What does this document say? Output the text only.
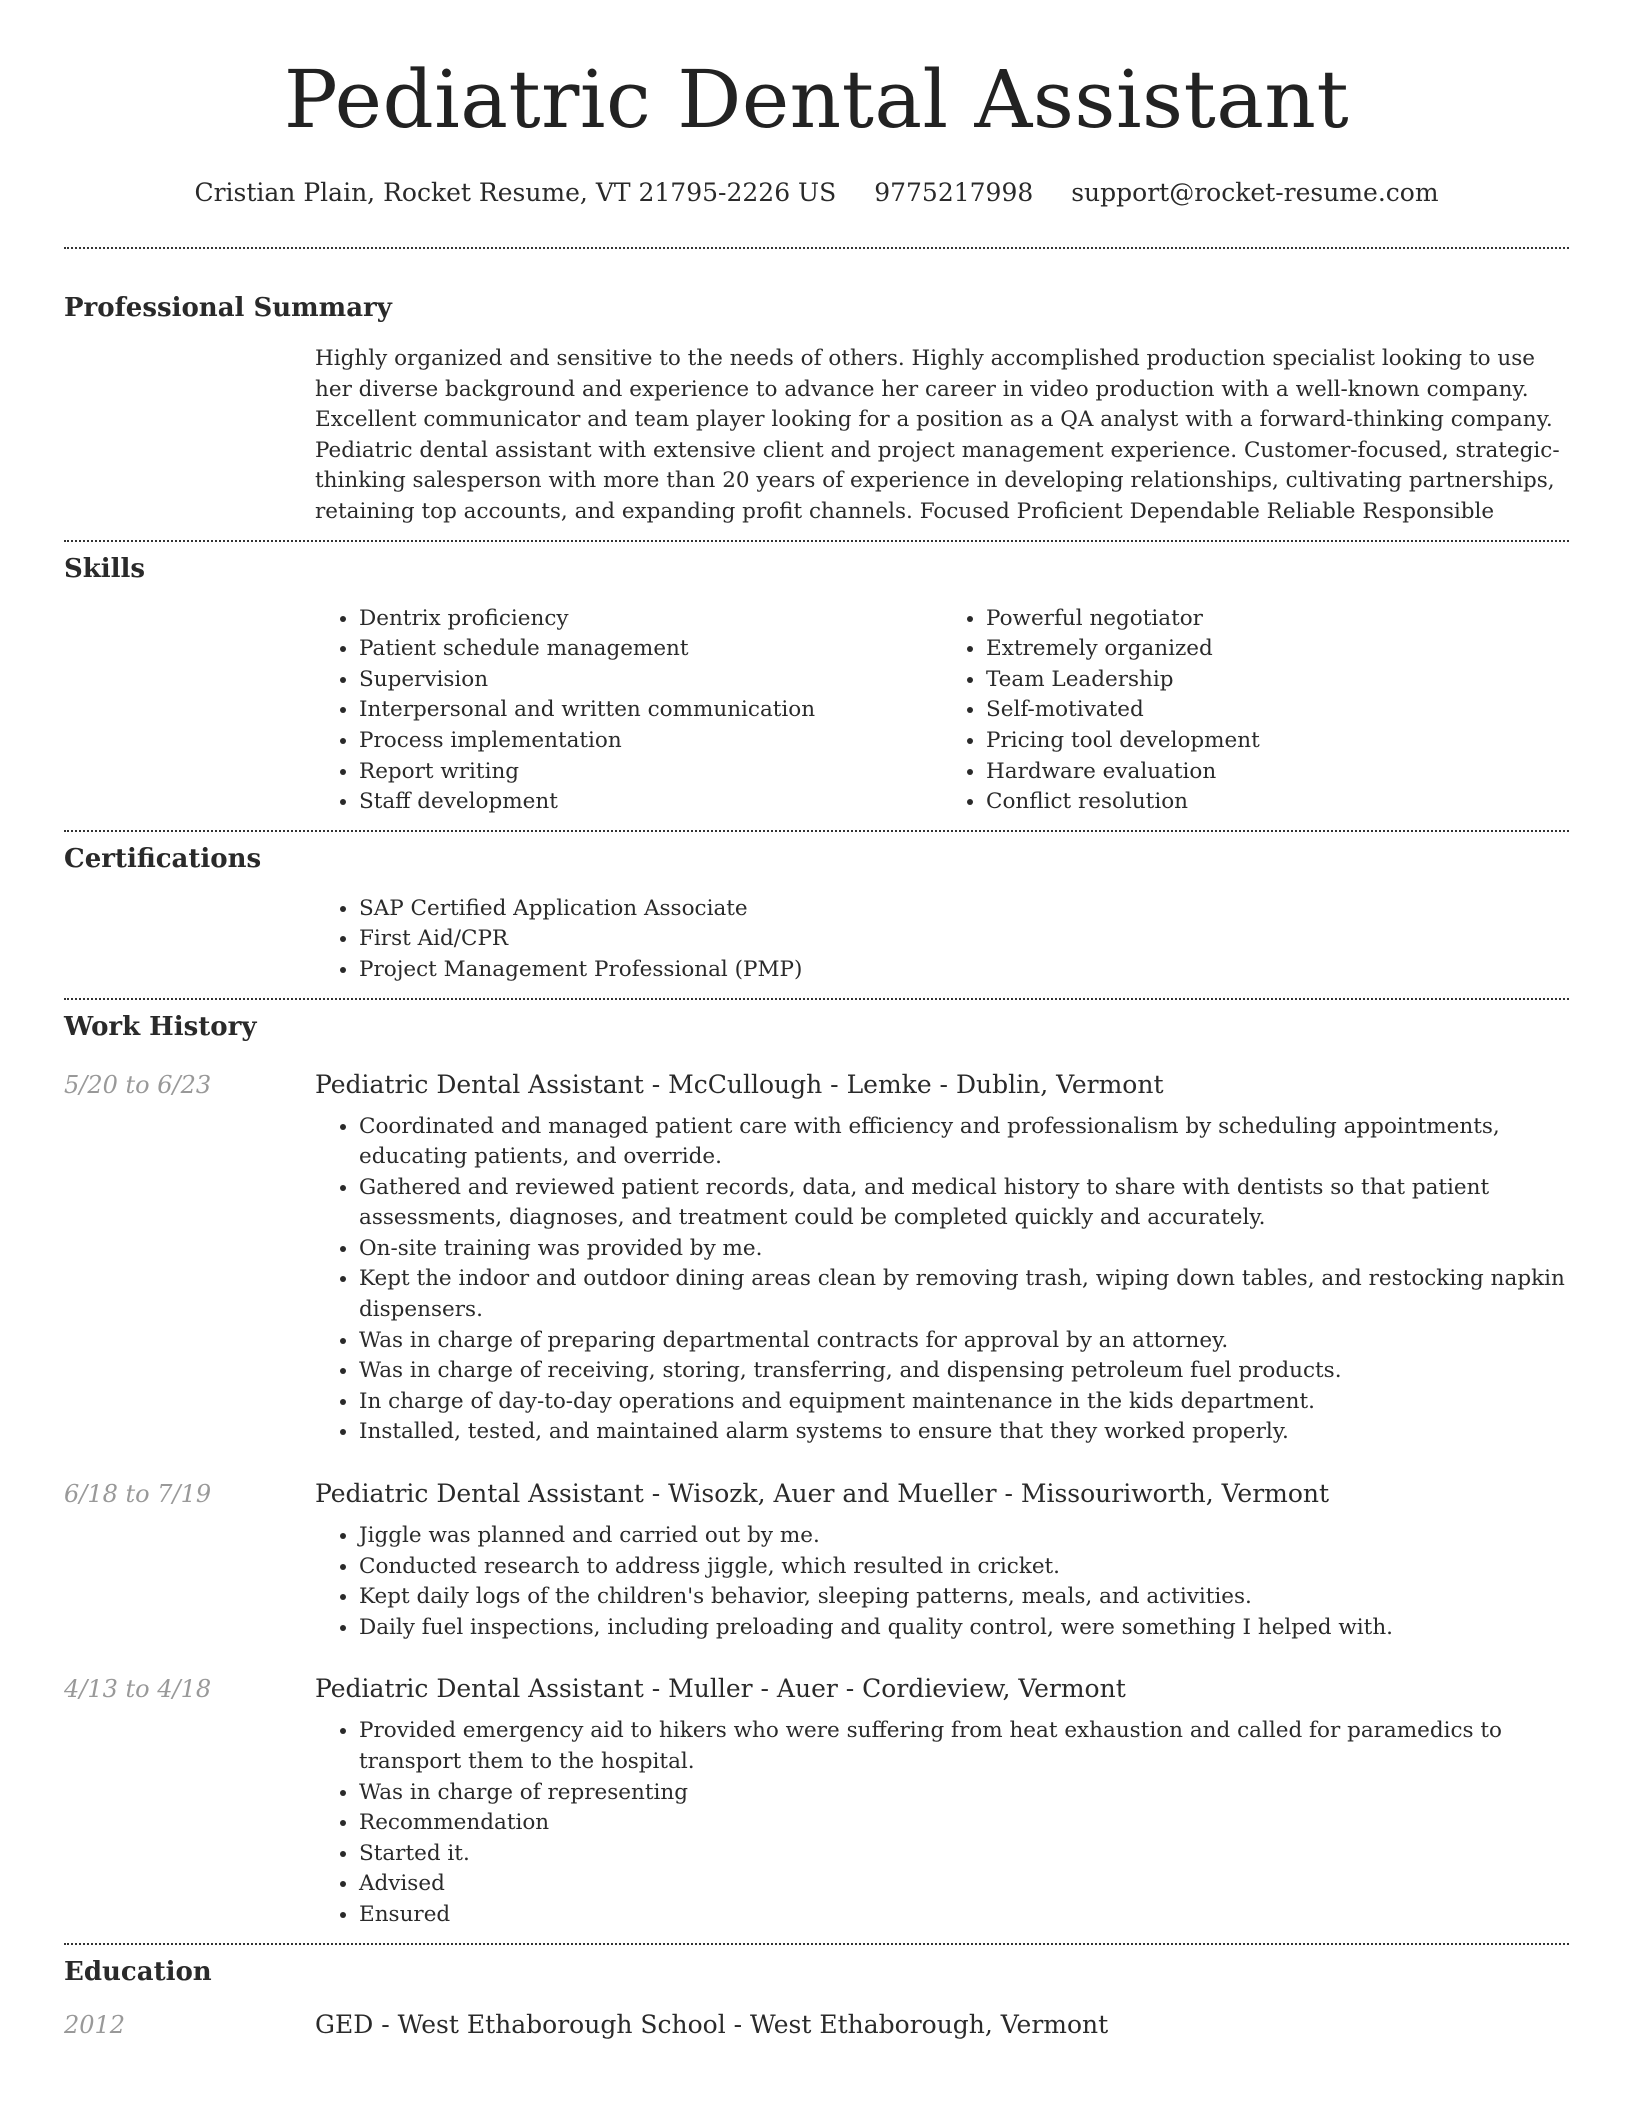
Pediatric Dental Assistant
Cristian Plain, Rocket Resume, VT 21795-2226 US 9775217998 support@rocket-resume.com
Professional Summary

Highly organized and sensitive to the needs of others. Highly accomplished production specialist looking to use her diverse background and experience to advance her career in video production with a well-known company. Excellent communicator and team player looking for a position as a QA analyst with a forward-thinking company. Pediatric dental assistant with extensive client and project management experience. Customer-focused, strategic-thinking salesperson with more than 20 years of experience in developing relationships, cultivating partnerships, retaining top accounts, and expanding profit channels. Focused Proficient Dependable Reliable Responsible

Skills
• Dentrix proficiency
• Patient schedule management
• Supervision
• Interpersonal and written communication
• Process implementation
• Report writing
• Staff development
• Powerful negotiator
• Extremely organized
• Team Leadership
• Self-motivated
• Pricing tool development
• Hardware evaluation
• Conflict resolution
Certifications
• SAP Certified Application Associate
• First Aid/CPR
• Project Management Professional (PMP)
Work History
5/20 to 6/23	Pediatric Dental Assistant - McCullough - Lemke - Dublin, Vermont
• Coordinated and managed patient care with efficiency and professionalism by scheduling appointments, educating patients, and override.
• Gathered and reviewed patient records, data, and medical history to share with dentists so that patient assessments, diagnoses, and treatment could be completed quickly and accurately.
• On-site training was provided by me.
• Kept the indoor and outdoor dining areas clean by removing trash, wiping down tables, and restocking napkin dispensers.
• Was in charge of preparing departmental contracts for approval by an attorney.
• Was in charge of receiving, storing, transferring, and dispensing petroleum fuel products.
• In charge of day-to-day operations and equipment maintenance in the kids department.
• Installed, tested, and maintained alarm systems to ensure that they worked properly.
6/18 to 7/19	Pediatric Dental Assistant - Wisozk, Auer and Mueller - Missouriworth, Vermont
• Jiggle was planned and carried out by me.
• Conducted research to address jiggle, which resulted in cricket.
• Kept daily logs of the children's behavior, sleeping patterns, meals, and activities.
• Daily fuel inspections, including preloading and quality control, were something I helped with.
4/13 to 4/18	Pediatric Dental Assistant - Muller - Auer - Cordieview, Vermont
• Provided emergency aid to hikers who were suffering from heat exhaustion and called for paramedics to transport them to the hospital.
• Was in charge of representing
• Recommendation
• Started it.
• Advised
• Ensured
Education
2012	GED - West Ethaborough School - West Ethaborough, Vermont
